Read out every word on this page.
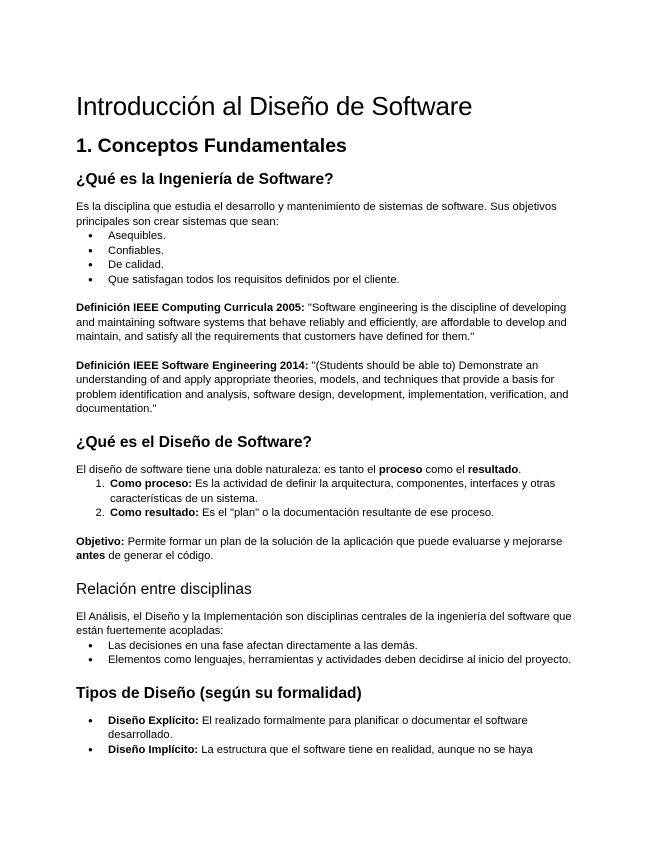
Introducción al Diseño de Software
1. Conceptos Fundamentales
¿Qué es la Ingeniería de Software?

Es la disciplina que estudia el desarrollo y mantenimiento de sistemas de software. Sus objetivos principales son crear sistemas que sean:

● Asequibles.
● Confiables.
● De calidad.
● Que satisfagan todos los requisitos definidos por el cliente.

Definición IEEE Computing Curricula 2005: "Software engineering is the discipline of developing and maintaining software systems that behave reliably and efficiently, are affordable to develop and maintain, and satisfy all the requirements that customers have defined for them."

Definición IEEE Software Engineering 2014: "(Students should be able to) Demonstrate an understanding of and apply appropriate theories, models, and techniques that provide a basis for problem identification and analysis, software design, development, implementation, verification, and documentation."

¿Qué es el Diseño de Software?

El diseño de software tiene una doble naturaleza: es tanto el proceso como el resultado.

1. Como proceso: Es la actividad de definir la arquitectura, componentes, interfaces y otras características de un sistema.
2. Como resultado: Es el "plan" o la documentación resultante de ese proceso.

Objetivo: Permite formar un plan de la solución de la aplicación que puede evaluarse y mejorarse antes de generar el código.

Relación entre disciplinas

El Análisis, el Diseño y la Implementación son disciplinas centrales de la ingeniería del software que están fuertemente acopladas:

● Las decisiones en una fase afectan directamente a las demás.
● Elementos como lenguajes, herramientas y actividades deben decidirse al inicio del proyecto.
Tipos de Diseño (según su formalidad)
● Diseño Explícito: El realizado formalmente para planificar o documentar el software desarrollado.
● Diseño Implícito: La estructura que el software tiene en realidad, aunque no se haya
